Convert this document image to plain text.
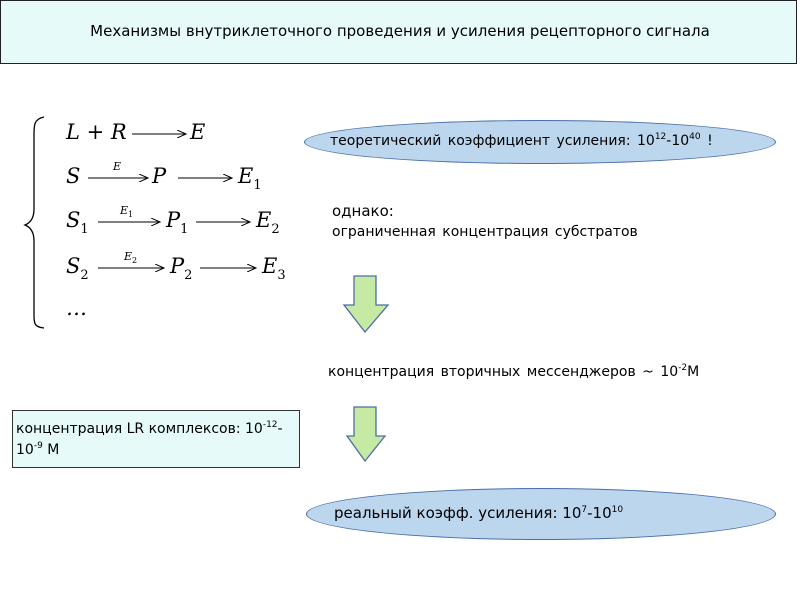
Механизмы внутриклеточного проведения и усиления рецепторного сигнала
L + R	E
S	E P	$E_1$
$S_1$
$E_1$ $P_1$	$E_2$
$S_2$
$E_2$ $P_2$	$E_3$
…
теоретический коэффициент усиления: $10^{12}-10^{40}$ !
однако:
ограниченная концентрация субстратов
концентрация вторичных мессенджеров ~ $10^{-2}М$
концентрация LR комплексов: $10^{-12}-$
$10^{-9}$ М
реальный коэфф. усиления: $10^7-10^{10}$
